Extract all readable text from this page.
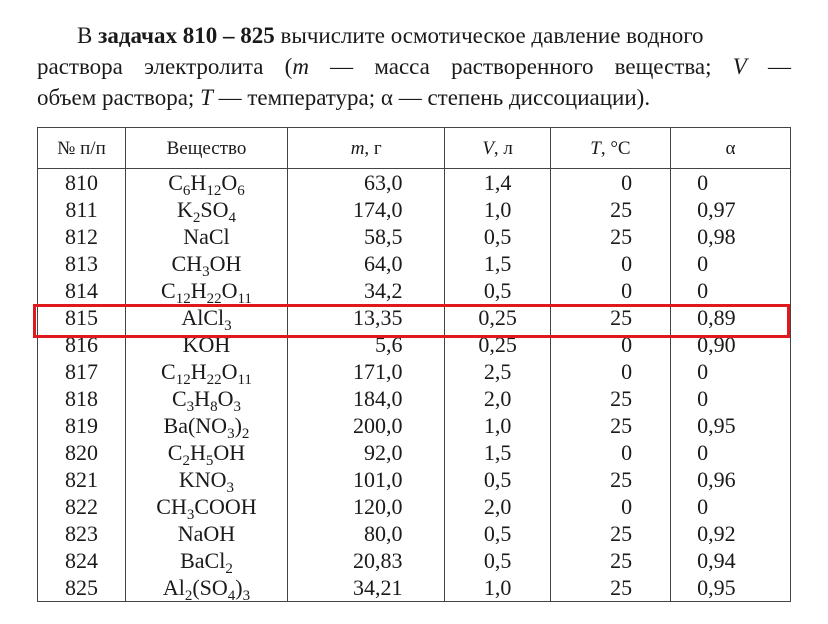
В задачах 810 – 825 вычислите осмотическое давление водного
раствора электролита (m — масса растворенного вещества; V —
объем раствора; T — температура; α — степень диссоциации).
№ п/п	Вещество	m, г	V, л	T, °С	α
810	$C_6H_{12}O_6$	63,0	1,4	0	0
811	$K_2SO_4$	174,0	1,0	25	0,97
812	NaCl	58,5	0,5	25	0,98
813	$CH_3OH$	64,0	1,5	0	0
814	$C_{12}H_{22}O_{11}$	34,2	0,5	0	0
815	AlCl$_3$	13,35	0,25	25	0,89
816	KOH	5,6	0,25	0	0,90
817	$C_{12}H_{22}O_{11}$	171,0	2,5	0	0
818	$C_3H_8O_3$	184,0	2,0	25	0
819	$Ba(NO_3)_2$	200,0	1,0	25	0,95
820	$C_2H_5OH$	92,0	1,5	0	0
821	$KNO_3$	101,0	0,5	25	0,96
822	$CH_3COOH$	120,0	2,0	0	0
823	NaOH	80,0	0,5	25	0,92
824	BaCl$_2$	20,83	0,5	25	0,94
825	$Al_2(SO_4)_3$	34,21	1,0	25	0,95
